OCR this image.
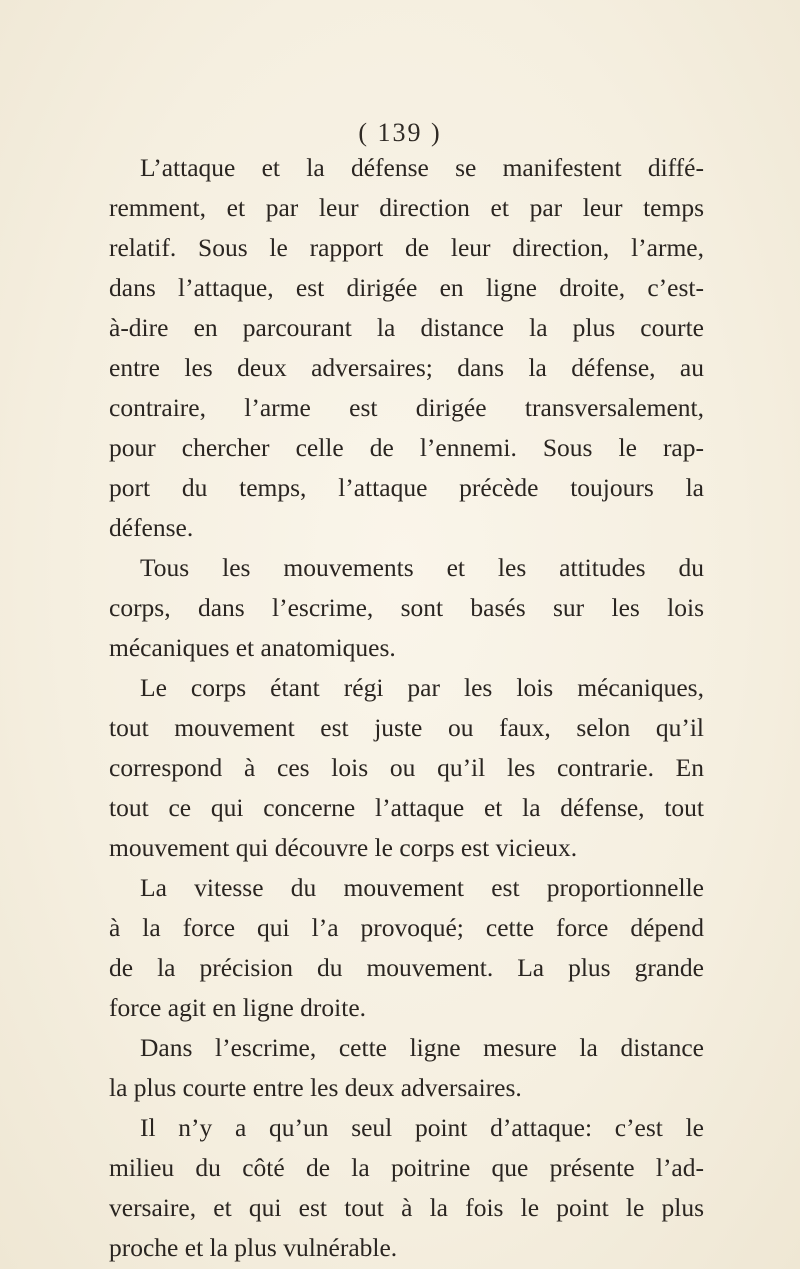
( 139 )
L’attaque et la défense se manifestent diffé-
remment, et par leur direction et par leur temps
relatif. Sous le rapport de leur direction, l’arme,
dans l’attaque, est dirigée en ligne droite, c’est-
à-dire en parcourant la distance la plus courte
entre les deux adversaires; dans la défense, au
contraire, l’arme est dirigée transversalement,
pour chercher celle de l’ennemi. Sous le rap-
port du temps, l’attaque précède toujours la
défense.
Tous les mouvements et les attitudes du
corps, dans l’escrime, sont basés sur les lois
mécaniques et anatomiques.
Le corps étant régi par les lois mécaniques,
tout mouvement est juste ou faux, selon qu’il
correspond à ces lois ou qu’il les contrarie. En
tout ce qui concerne l’attaque et la défense, tout
mouvement qui découvre le corps est vicieux.
La vitesse du mouvement est proportionnelle
à la force qui l’a provoqué; cette force dépend
de la précision du mouvement. La plus grande
force agit en ligne droite.
Dans l’escrime, cette ligne mesure la distance
la plus courte entre les deux adversaires.
Il n’y a qu’un seul point d’attaque: c’est le
milieu du côté de la poitrine que présente l’ad-
versaire, et qui est tout à la fois le point le plus
proche et la plus vulnérable.
